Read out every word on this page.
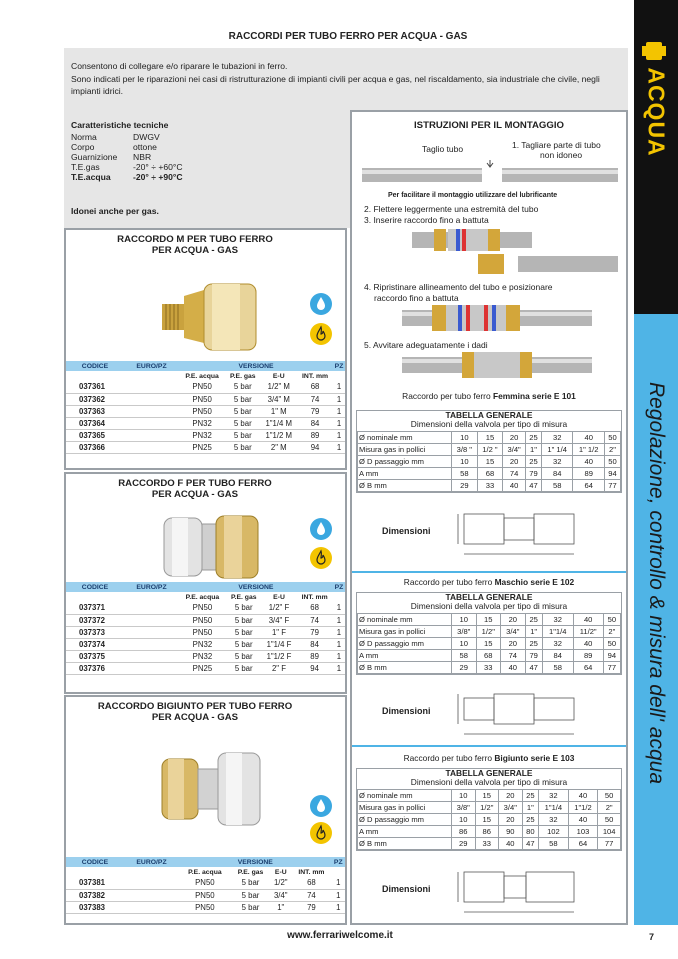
RACCORDI PER TUBO FERRO PER ACQUA - GAS
Consentono di collegare e/o riparare le tubazioni in ferro.
Sono indicati per le riparazioni nei casi di ristrutturazione di impianti civili per acqua e gas, nel riscaldamento, sia industriale che civile, negli impianti idrici.
Caratteristiche tecniche
Norma	DWGV
Corpo	ottone
Guarnizione	NBR
T.E.gas	-20° ÷ +60°C
T.E.acqua	-20° ÷ +90°C
Idonei anche per gas.
RACCORDO M PER TUBO FERRO
PER ACQUA - GAS
CODICE	EURO/PZ	VERSIONE				PZ
		P.E. acqua	P.E. gas	E-U	INT. mm	
037361		PN50	5 bar	1/2" M	68	1
037362		PN50	5 bar	3/4" M	74	1
037363		PN50	5 bar	1" M	79	1
037364		PN32	5 bar	1"1/4 M	84	1
037365		PN32	5 bar	1"1/2 M	89	1
037366		PN25	5 bar	2" M	94	1
RACCORDO F PER TUBO FERRO
PER ACQUA - GAS
CODICE	EURO/PZ	VERSIONE				PZ
		P.E. acqua	P.E. gas	E-U	INT. mm	
037371		PN50	5 bar	1/2" F	68	1
037372		PN50	5 bar	3/4" F	74	1
037373		PN50	5 bar	1" F	79	1
037374		PN32	5 bar	1"1/4 F	84	1
037375		PN32	5 bar	1"1/2 F	89	1
037376		PN25	5 bar	2" F	94	1
RACCORDO BIGIUNTO PER TUBO FERRO
PER ACQUA - GAS
CODICE	EURO/PZ	VERSIONE				PZ
		P.E. acqua	P.E. gas	E-U	INT. mm	
037381		PN50	5 bar	1/2"	68	1
037382		PN50	5 bar	3/4"	74	1
037383		PN50	5 bar	1"	79	1
ISTRUZIONI PER IL MONTAGGIO
Taglio tubo	1. Tagliare parte di tubo
non idoneo
Per facilitare il montaggio utilizzare del lubrificante
2. Flettere leggermente una estremità del tubo
3. Inserire raccordo fino a battuta
4. Ripristinare allineamento del tubo e posizionare
raccordo fino a battuta
5. Avvitare adeguatamente i dadi
Raccordo per tubo ferro Femmina serie E 101
TABELLA GENERALE
Dimensioni della valvola per tipo di misura
Ø nominale mm	10	15	20	25	32	40	50
Misura gas in pollici	3/8 "	1/2 "	3/4"	1"	1" 1/4	1" 1/2	2"
Ø D passaggio mm	10	15	20	25	32	40	50
A mm	58	68	74	79	84	89	94
Ø B mm	29	33	40	47	58	64	77
Dimensioni
Raccordo per tubo ferro Maschio serie E 102
TABELLA GENERALE
Dimensioni della valvola per tipo di misura
Ø nominale mm	10	15	20	25	32	40	50
Misura gas in pollici	3/8"	1/2"	3/4"	1"	1"1/4	11/2"	2"
Ø D passaggio mm	10	15	20	25	32	40	50
A mm	58	68	74	79	84	89	94
Ø B mm	29	33	40	47	58	64	77
Dimensioni
Raccordo per tubo ferro Bigiunto serie E 103
TABELLA GENERALE
Dimensioni della valvola per tipo di misura
Ø nominale mm	10	15	20	25	32	40	50
Misura gas in pollici	3/8"	1/2"	3/4"	1"	1"1/4	1"1/2	2"
Ø D passaggio mm	10	15	20	25	32	40	50
A mm	86	86	90	80	102	103	104
Ø B mm	29	33	40	47	58	64	77
Dimensioni
ACQUA
Regolazione, controllo & misura dell' acqua
www.ferrariwelcome.it	7
